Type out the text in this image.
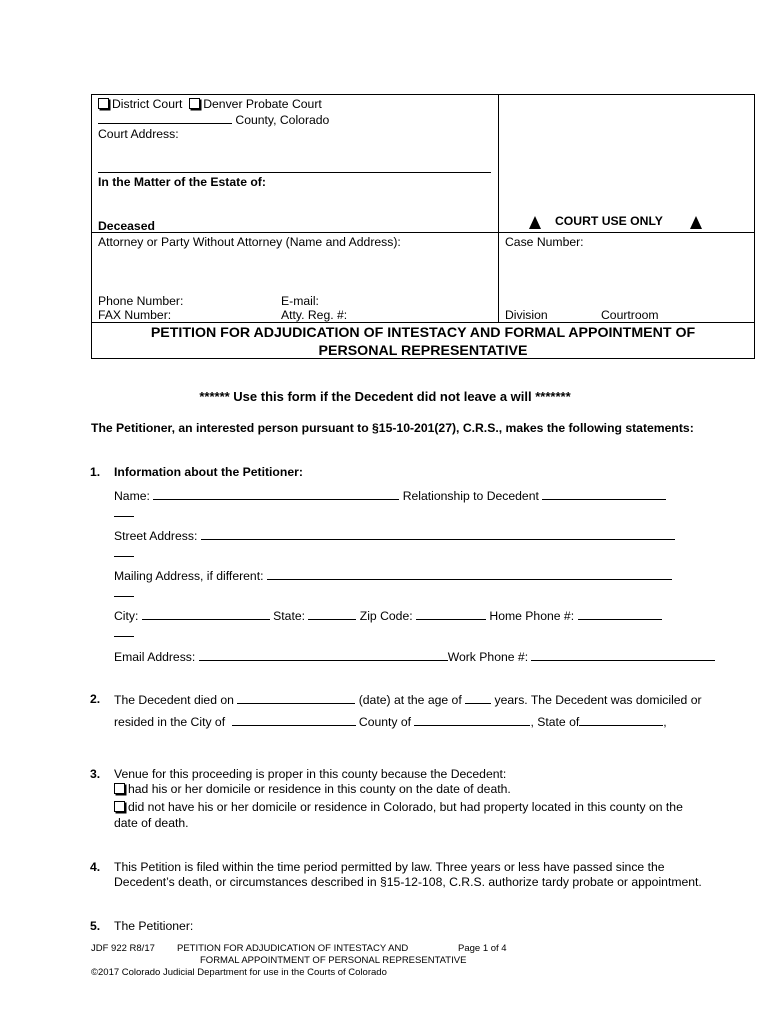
District Court Denver Probate Court
County, Colorado
Court Address:
In the Matter of the Estate of:
Deceased	COURT USE ONLY
Attorney or Party Without Attorney (Name and Address):	Case Number:
Phone Number:	E-mail:
FAX Number:	Atty. Reg. #:	Division	Courtroom
PETITION FOR ADJUDICATION OF INTESTACY AND FORMAL APPOINTMENT OF
PERSONAL REPRESENTATIVE
****** Use this form if the Decedent did not leave a will *******
The Petitioner, an interested person pursuant to §15-10-201(27), C.R.S., makes the following statements:
1. Information about the Petitioner:
Name:	Relationship to Decedent
Street Address:
Mailing Address, if different:
City:	State:	Zip Code:	Home Phone #:
Email Address:	Work Phone #:
2. The Decedent died on	(date) at the age of	years. The Decedent was domiciled or
resided in the City of	County of	, State of	,
3. Venue for this proceeding is proper in this county because the Decedent:
had his or her domicile or residence in this county on the date of death.
did not have his or her domicile or residence in Colorado, but had property located in this county on the
date of death.
4. This Petition is filed within the time period permitted by law. Three years or less have passed since the
Decedent’s death, or circumstances described in §15-12-108, C.R.S. authorize tardy probate or appointment.
5. The Petitioner:
JDF 922 R8/17 PETITION FOR ADJUDICATION OF INTESTACY AND	Page 1 of 4
FORMAL APPOINTMENT OF PERSONAL REPRESENTATIVE
©2017 Colorado Judicial Department for use in the Courts of Colorado
